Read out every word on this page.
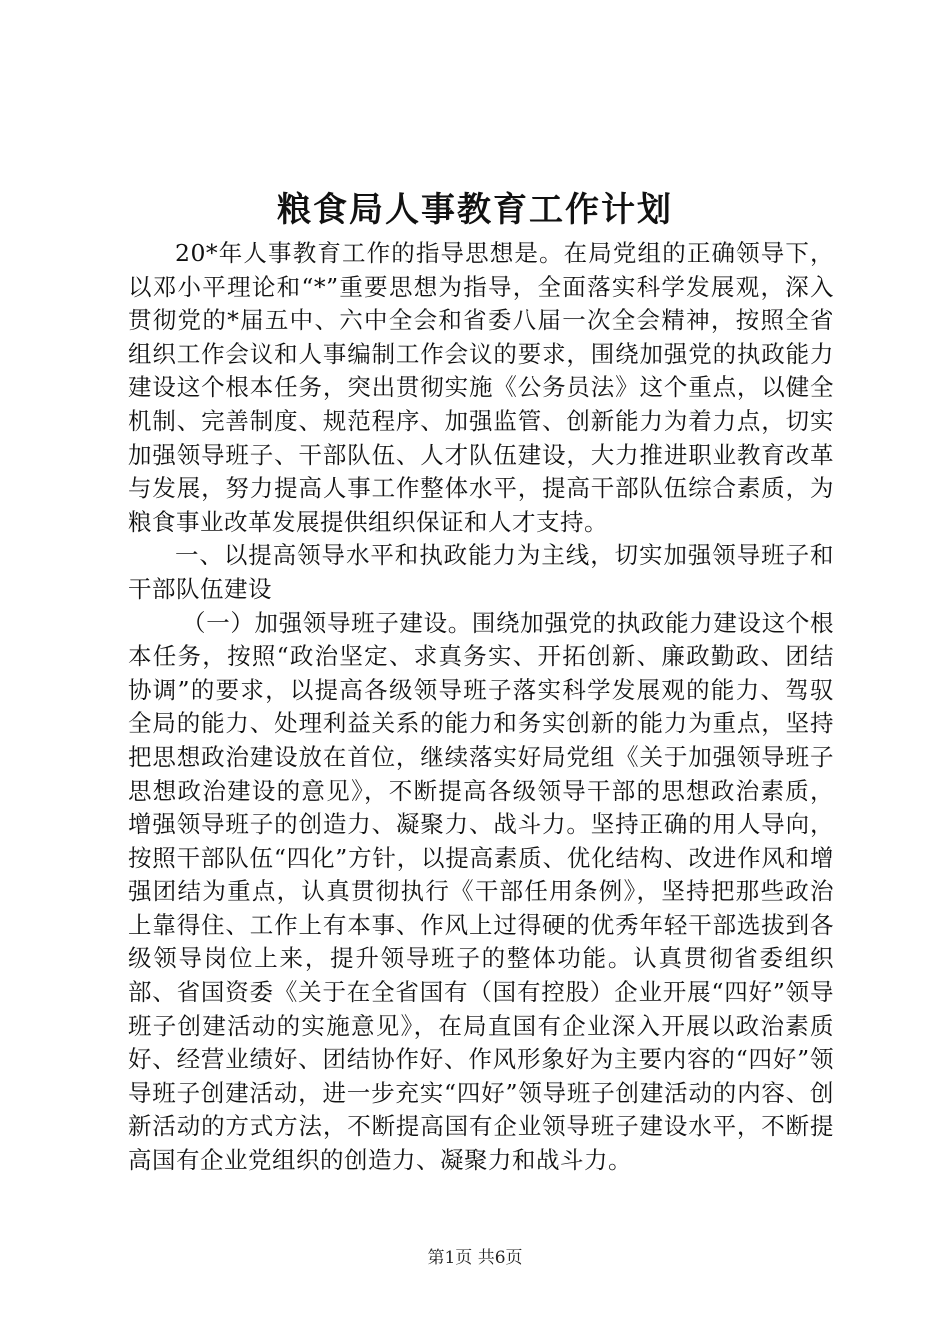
粮食局人事教育工作计划

20*年人事教育工作的指导思想是。在局党组的正确领导下，以邓小平理论和“*”重要思想为指导，全面落实科学发展观，深入贯彻党的*届五中、六中全会和省委八届一次全会精神，按照全省组织工作会议和人事编制工作会议的要求，围绕加强党的执政能力建设这个根本任务，突出贯彻实施《公务员法》这个重点，以健全机制、完善制度、规范程序、加强监管、创新能力为着力点，切实加强领导班子、干部队伍、人才队伍建设，大力推进职业教育改革与发展，努力提高人事工作整体水平，提高干部队伍综合素质，为粮食事业改革发展提供组织保证和人才支持。

一、以提高领导水平和执政能力为主线，切实加强领导班子和干部队伍建设

（一）加强领导班子建设。围绕加强党的执政能力建设这个根本任务，按照“政治坚定、求真务实、开拓创新、廉政勤政、团结协调”的要求，以提高各级领导班子落实科学发展观的能力、驾驭全局的能力、处理利益关系的能力和务实创新的能力为重点，坚持把思想政治建设放在首位，继续落实好局党组《关于加强领导班子思想政治建设的意见》，不断提高各级领导干部的思想政治素质，增强领导班子的创造力、凝聚力、战斗力。坚持正确的用人导向，按照干部队伍“四化”方针，以提高素质、优化结构、改进作风和增强团结为重点，认真贯彻执行《干部任用条例》，坚持把那些政治上靠得住、工作上有本事、作风上过得硬的优秀年轻干部选拔到各级领导岗位上来，提升领导班子的整体功能。认真贯彻省委组织部、省国资委《关于在全省国有（国有控股）企业开展“四好”领导班子创建活动的实施意见》，在局直国有企业深入开展以政治素质好、经营业绩好、团结协作好、作风形象好为主要内容的“四好”领导班子创建活动，进一步充实“四好”领导班子创建活动的内容、创新活动的方式方法，不断提高国有企业领导班子建设水平，不断提高国有企业党组织的创造力、凝聚力和战斗力。

第1页 共6页
